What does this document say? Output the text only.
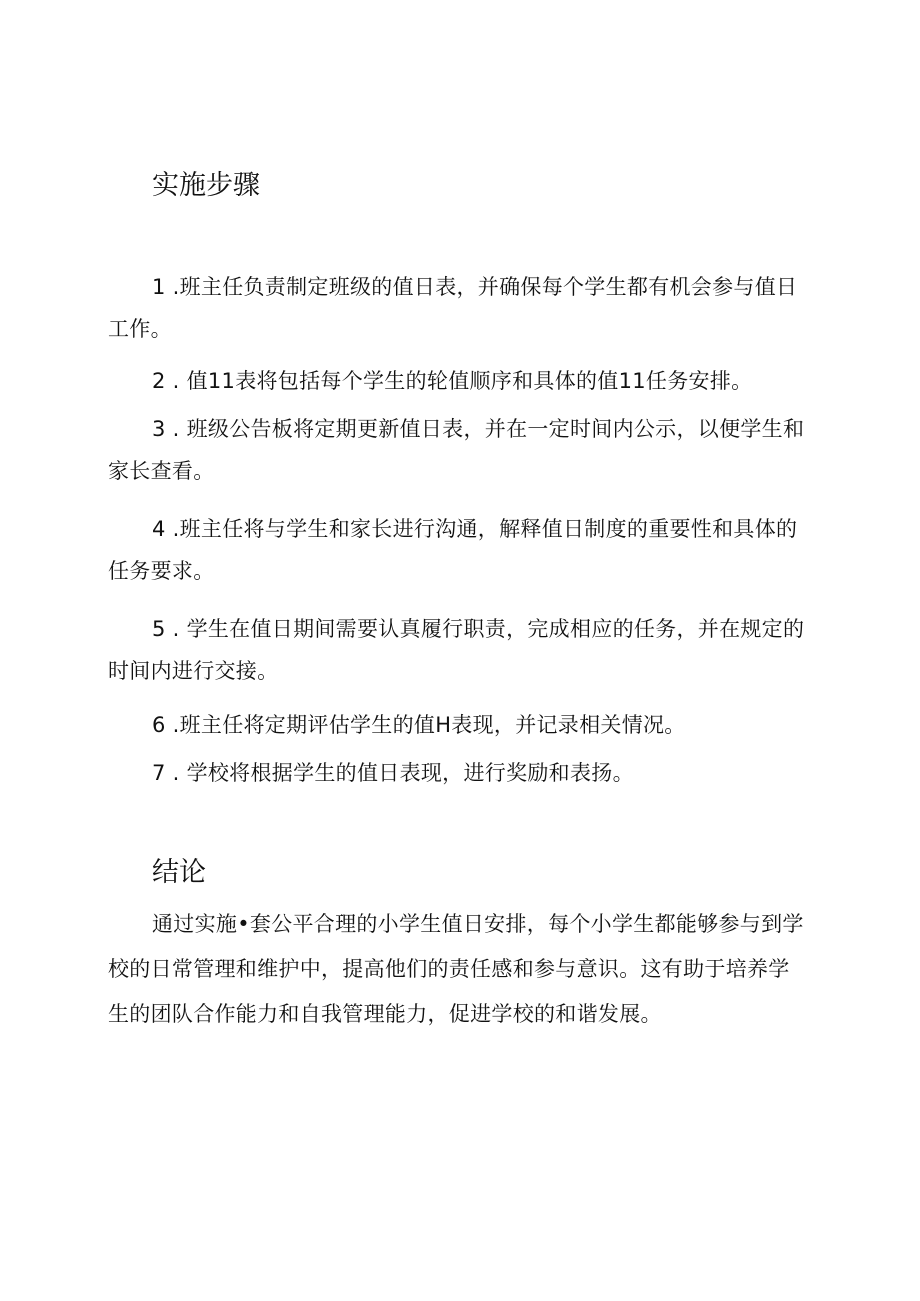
实施步骤

1 .班主任负责制定班级的值日表，并确保每个学生都有机会参与值日工作。

2 . 值11表将包括每个学生的轮值顺序和具体的值11任务安排。

3 . 班级公告板将定期更新值日表，并在一定时间内公示，以便学生和家长查看。

4 .班主任将与学生和家长进行沟通，解释值日制度的重要性和具体的任务要求。

5 . 学生在值日期间需要认真履行职责，完成相应的任务，并在规定的时间内进行交接。

6 .班主任将定期评估学生的值H表现，并记录相关情况。

7 . 学校将根据学生的值日表现，进行奖励和表扬。

结论

通过实施•套公平合理的小学生值日安排，每个小学生都能够参与到学校的日常管理和维护中，提高他们的责任感和参与意识。这有助于培养学生的团队合作能力和自我管理能力，促进学校的和谐发展。
